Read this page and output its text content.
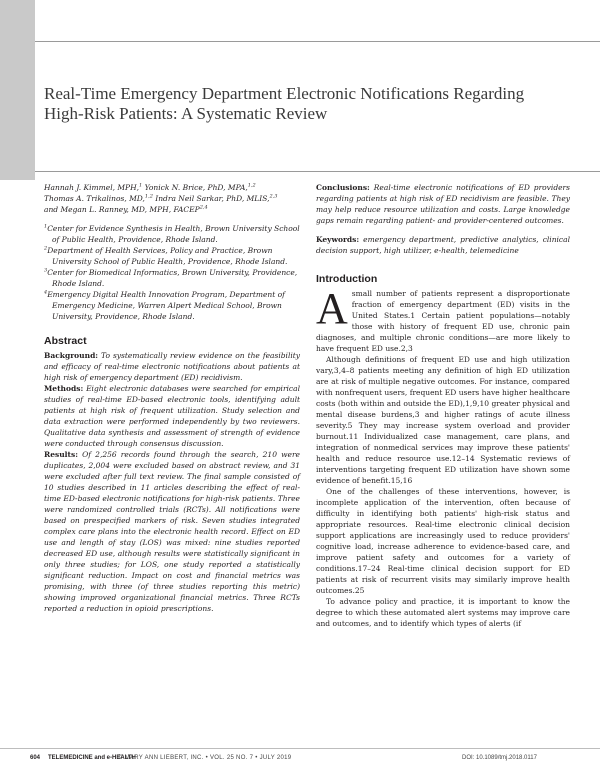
Real-Time Emergency Department Electronic Notifications Regarding High-Risk Patients: A Systematic Review
Hannah J. Kimmel, MPH,$^1$ Yonick N. Brice, PhD, MPA,$^{1,2}$
Thomas A. Trikalinos, MD,$^{1,2}$ Indra Neil Sarkar, PhD, MLIS,$^{2,3}$
and Megan L. Ranney, MD, MPH, FACEP$^{2,4}$

$^1$Center for Evidence Synthesis in Health, Brown University School of Public Health, Providence, Rhode Island.

$^2$Department of Health Services, Policy and Practice, Brown University School of Public Health, Providence, Rhode Island.

$^3$Center for Biomedical Informatics, Brown University, Providence, Rhode Island.

$^4$Emergency Digital Health Innovation Program, Department of Emergency Medicine, Warren Alpert Medical School, Brown University, Providence, Rhode Island.

Abstract

Background: To systematically review evidence on the feasibility and efficacy of real-time electronic notifications about patients at high risk of emergency department (ED) recidivism.

Methods: Eight electronic databases were searched for empirical studies of real-time ED-based electronic tools, identifying adult patients at high risk of frequent utilization. Study selection and data extraction were performed independently by two reviewers. Qualitative data synthesis and assessment of strength of evidence were conducted through consensus discussion.

Results: Of 2,256 records found through the search, 210 were duplicates, 2,004 were excluded based on abstract review, and 31 were excluded after full text review. The final sample consisted of 10 studies described in 11 articles describing the effect of real-time ED-based electronic notifications for high-risk patients. Three were randomized controlled trials (RCTs). All notifications were based on prespecified markers of risk. Seven studies integrated complex care plans into the electronic health record. Effect on ED use and length of stay (LOS) was mixed: nine studies reported decreased ED use, although results were statistically significant in only three studies; for LOS, one study reported a statistically significant reduction. Impact on cost and financial metrics was promising, with three (of three studies reporting this metric) showing improved organizational financial metrics. Three RCTs reported a reduction in opioid prescriptions.

Conclusions: Real-time electronic notifications of ED providers regarding patients at high risk of ED recidivism are feasible. They may help reduce resource utilization and costs. Large knowledge gaps remain regarding patient- and provider-centered outcomes.

Keywords: emergency department, predictive analytics, clinical decision support, high utilizer, e-health, telemedicine
Introduction

Asmall number of patients represent a disproportionate fraction of emergency department (ED) visits in the United States.1 Certain patient populations—notably those with history of frequent ED use, chronic pain diagnoses, and multiple chronic conditions—are more likely to have frequent ED use.2,3

Although definitions of frequent ED use and high utilization vary,3,4–8 patients meeting any definition of high ED utilization are at risk of multiple negative outcomes. For instance, compared with nonfrequent users, frequent ED users have higher healthcare costs (both within and outside the ED),1,9,10 greater physical and mental disease burdens,3 and higher ratings of acute illness severity.5 They may increase system overload and provider burnout.11 Individualized case management, care plans, and integration of nonmedical services may improve these patients' health and reduce resource use.12–14 Systematic reviews of interventions targeting frequent ED utilization have shown some evidence of benefit.15,16

One of the challenges of these interventions, however, is incomplete application of the intervention, often because of difficulty in identifying both patients' high-risk status and appropriate resources. Real-time electronic clinical decision support applications are increasingly used to reduce providers' cognitive load, increase adherence to evidence-based care, and improve patient safety and outcomes for a variety of conditions.17–24 Real-time clinical decision support for ED patients at risk of recurrent visits may similarly improve health outcomes.25

To advance policy and practice, it is important to know the degree to which these automated alert systems may improve care and outcomes, and to identify which types of alerts (if

604 TELEMEDICINE and e-HEALTH
© MARY ANN LIEBERT, INC. • VOL. 25 NO. 7 • JULY 2019	DOI: 10.1089/tmj.2018.0117
